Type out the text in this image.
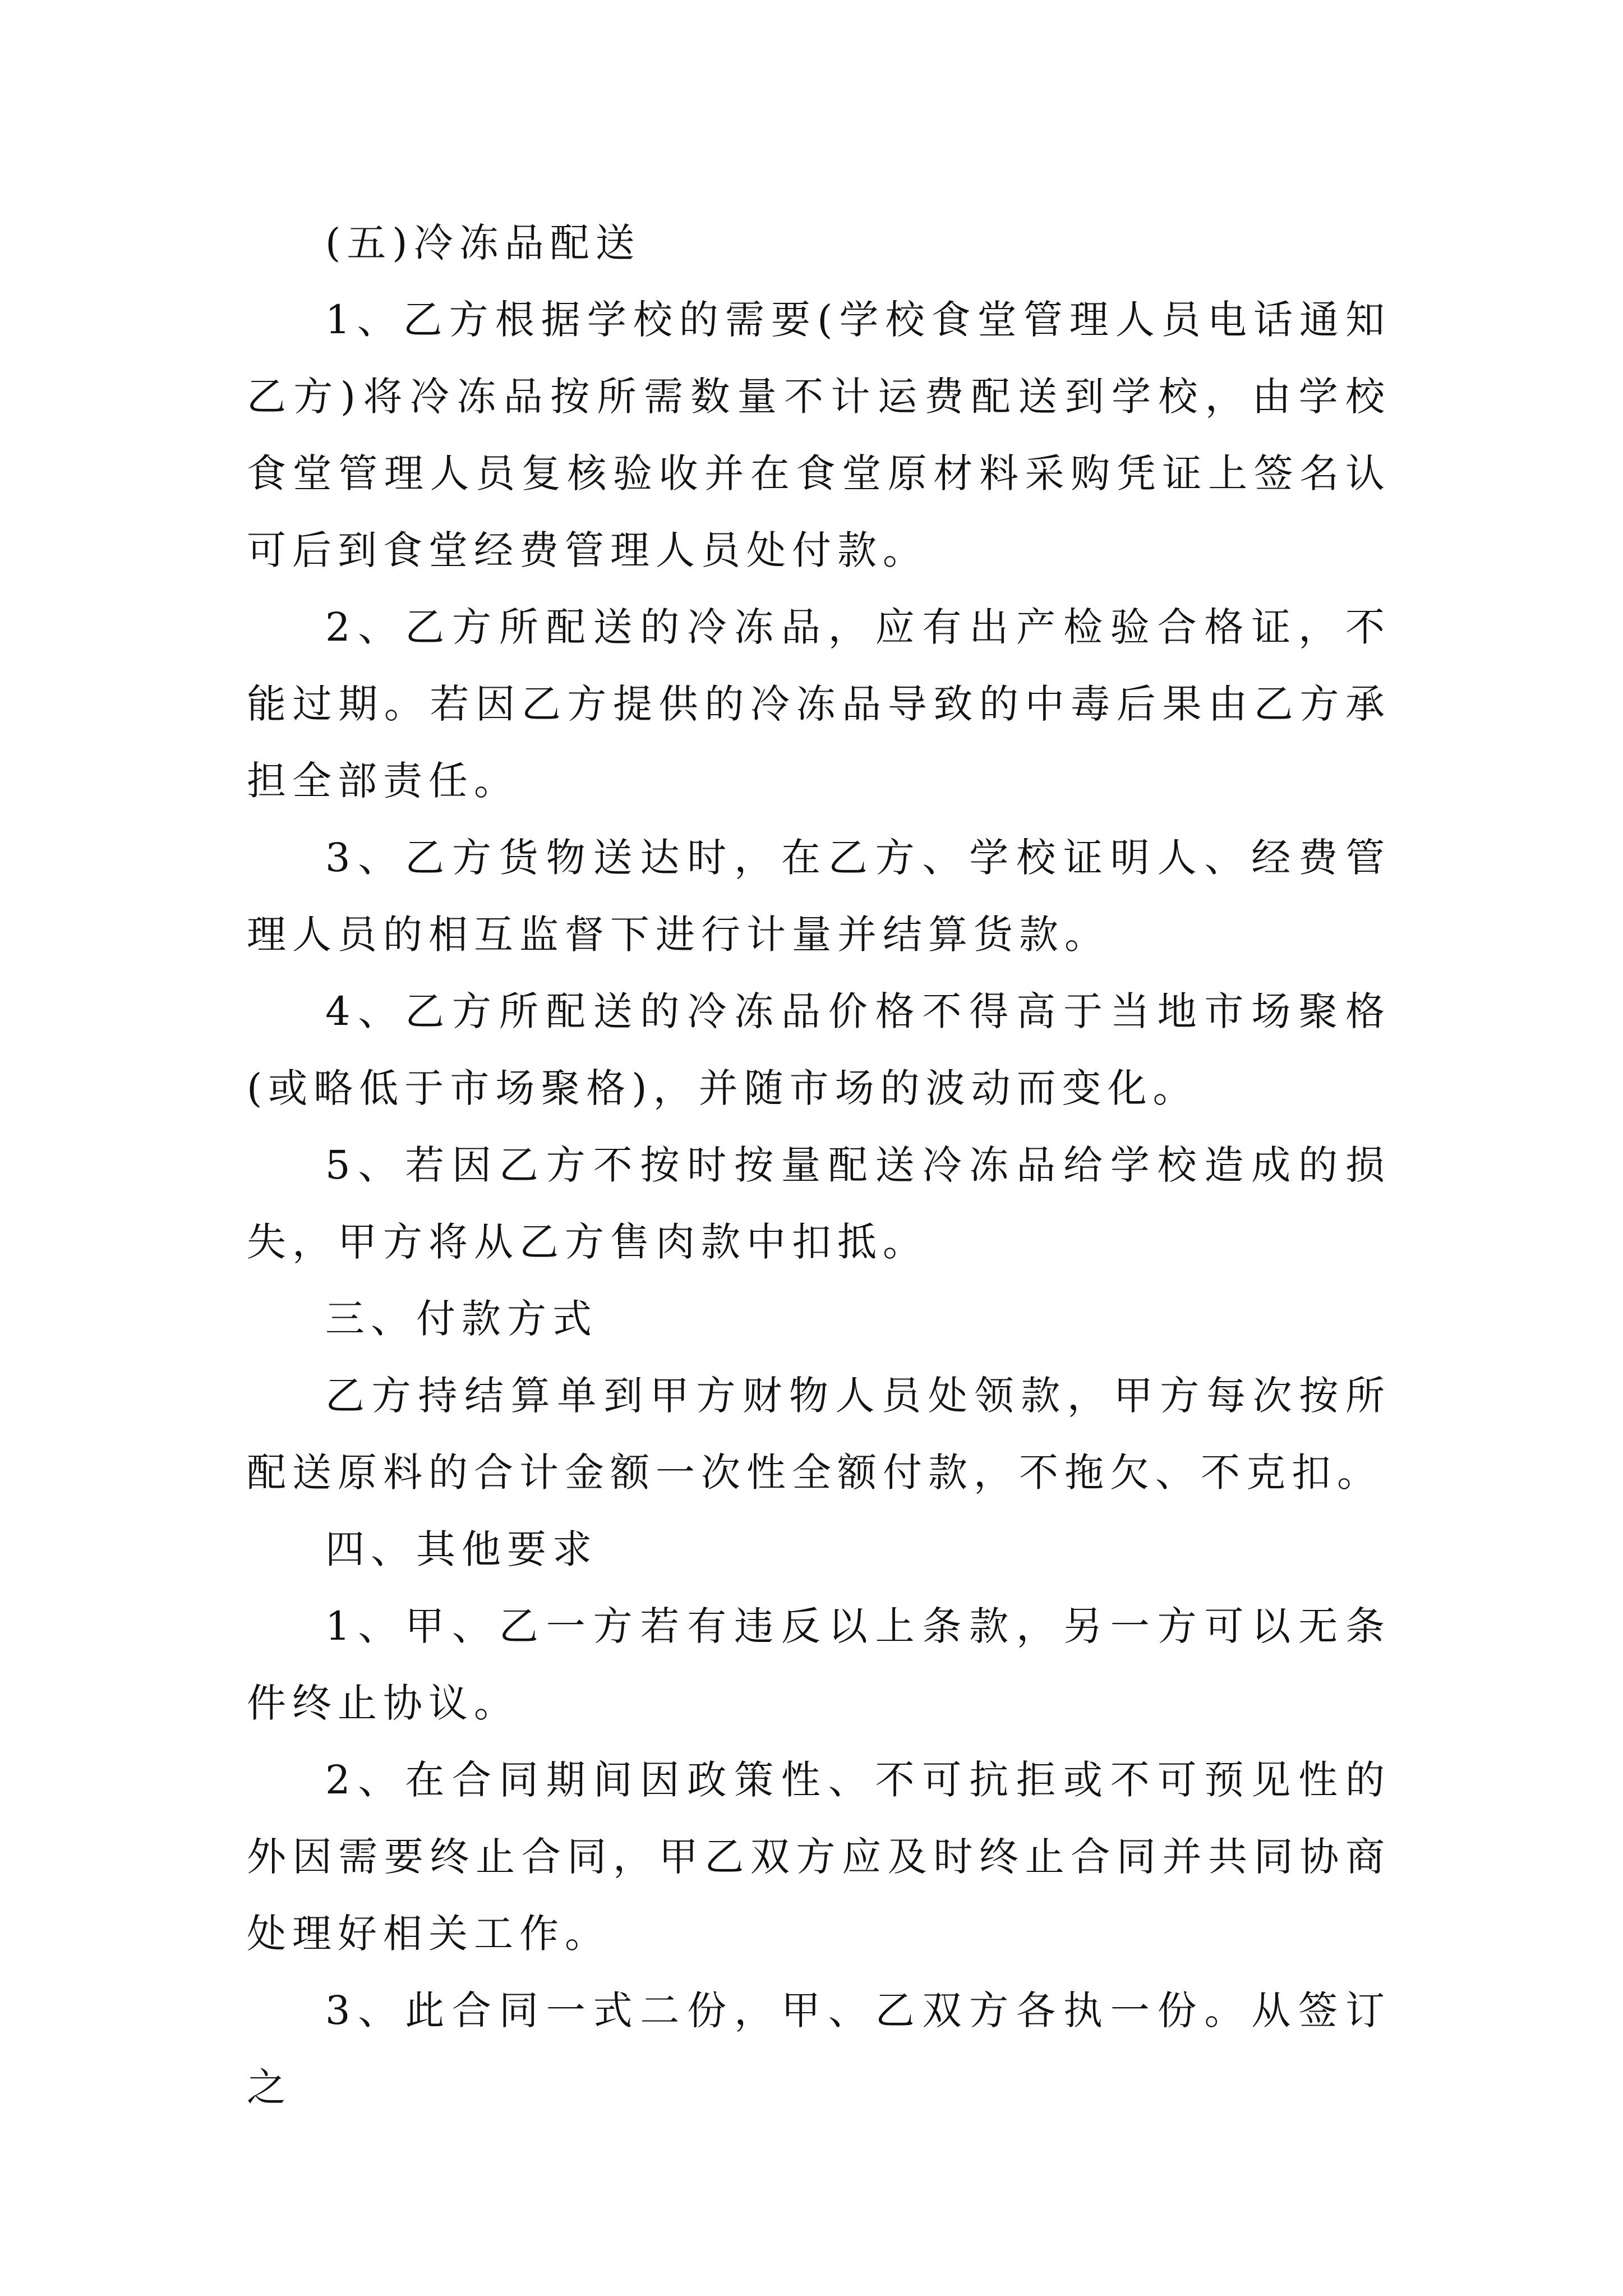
(五)冷冻品配送

1、乙方根据学校的需要(学校食堂管理人员电话通知乙方)将冷冻品按所需数量不计运费配送到学校，由学校食堂管理人员复核验收并在食堂原材料采购凭证上签名认可后到食堂经费管理人员处付款。

2、乙方所配送的冷冻品，应有出产检验合格证，不能过期。若因乙方提供的冷冻品导致的中毒后果由乙方承担全部责任。

3、乙方货物送达时，在乙方、学校证明人、经费管理人员的相互监督下进行计量并结算货款。

4、乙方所配送的冷冻品价格不得高于当地市场聚格(或略低于市场聚格)，并随市场的波动而变化。

5、若因乙方不按时按量配送冷冻品给学校造成的损失，甲方将从乙方售肉款中扣抵。

三、付款方式

乙方持结算单到甲方财物人员处领款，甲方每次按所配送原料的合计金额一次性全额付款，不拖欠、不克扣。

四、其他要求

1、甲、乙一方若有违反以上条款，另一方可以无条件终止协议。

2、在合同期间因政策性、不可抗拒或不可预见性的外因需要终止合同，甲乙双方应及时终止合同并共同协商处理好相关工作。

3、此合同一式二份，甲、乙双方各执一份。从签订之
